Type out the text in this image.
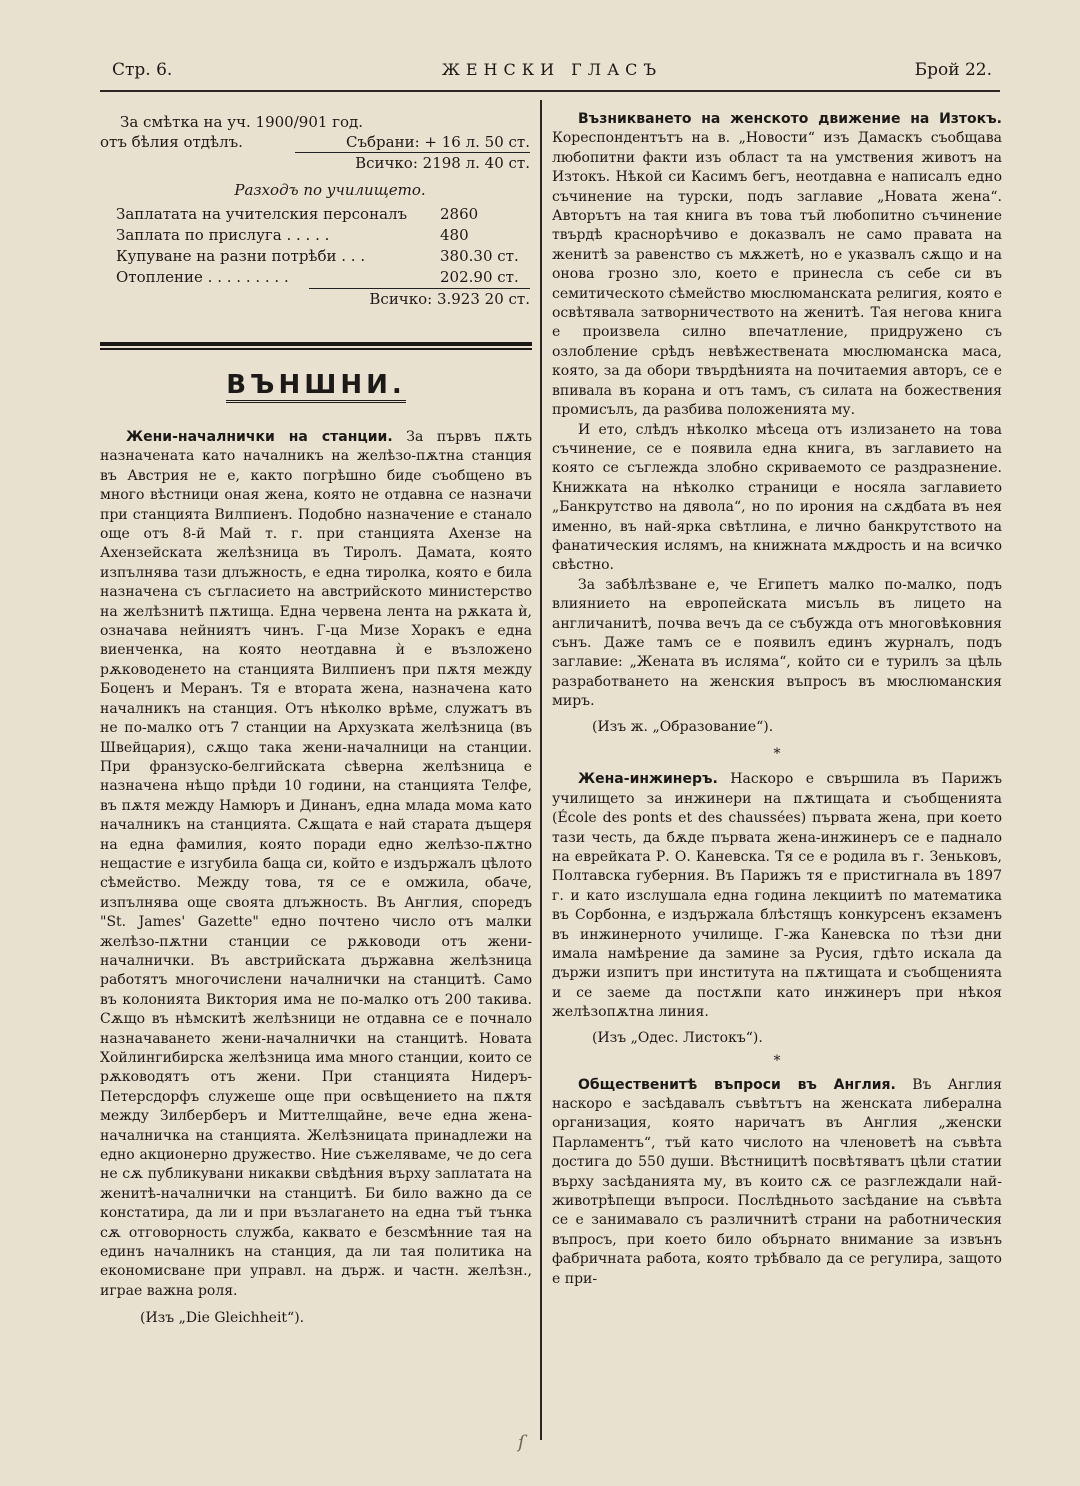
Стр. 6.	ЖЕНСКИ ГЛАСЪ	Брой 22.
За смѣтка на уч. 1900/901 год.
отъ бѣлия отдѣлъ.	Събрани: + 16 л. 50 ст.
Всичко: 2198 л. 40 ст.
Разходъ по училището.
Заплатата на учителския персоналъ 2860
Заплата по прислуга . . . . .	480
Купуване на разни потрѣби . . .	380.30 ст.
Отопление . . . . . . . . .	202.90 ст.
Всичко: 3.923 20 ст.
ВЪНШНИ.

Жени-началнички на станции. За първъ пѫть назначената като началникъ на желѣзо-пѫтна станция въ Австрия не е, както погрѣшно биде съобщено въ много вѣстници оная жена, която не отдавна се назначи при станцията Вилпиенъ. Подобно назначение е станало още отъ 8-й Май т. г. при станцията Ахензе на Ахензейската желѣзница въ Тиролъ. Дамата, която изпълнява тази длъжность, е една тиролка, която е била назначена съ съгласието на австрийското министерство на желѣзнитѣ пѫтища. Една червена лента на рѫката ѝ, означава нейниятъ чинъ. Г-ца Мизе Хоракъ е една виенченка, на която неотдавна ѝ е възложено рѫководенето на станцията Вилпиенъ при пѫтя между Боценъ и Меранъ. Тя е втората жена, назначена като началникъ на станция. Отъ нѣколко врѣме, служатъ въ не по-малко отъ 7 станции на Архузката желѣзница (въ Швейцария), сѫщо така жени-началници на станции. При франзуско-белгийската сѣверна желѣзница е назначена нѣщо прѣди 10 години, на станцията Телфе, въ пѫтя между Намюръ и Динанъ, една млада мома като началникъ на станцията. Сѫщата е най старата дъщеря на една фамилия, която поради едно желѣзо-пѫтно нещастие е изгубила баща си, който е издържалъ цѣлото сѣмейство. Между това, тя се е омжила, обаче, изпълнява още своята длъжность. Въ Англия, споредъ "St. James' Gazette" едно почтено число отъ малки желѣзо-пѫтни станции се рѫководи отъ жени-началнички. Въ австрийската държавна желѣзница работятъ многочислени началнички на станцитѣ. Само въ колонията Виктория има не по-малко отъ 200 такива. Сѫщо въ нѣмскитѣ желѣзници не отдавна се е почнало назначаването жени-началнички на станцитѣ. Новата Хойлингибирска желѣзница има много станции, които се рѫководятъ отъ жени. При станцията Нидеръ-Петерсдорфъ служеше още при освѣщението на пѫтя между Зилберберъ и Миттелщайне, вече една жена-началничка на станцията. Желѣзницата принадлежи на едно акционерно дружество. Ние съжеляваме, че до сега не сѫ публикувани никакви свѣдѣния върху заплатата на женитѣ-началнички на станцитѣ. Би било важно да се констатира, да ли и при възлагането на една тъй тънка сѫ отговорность служба, каквато е безсмѣнние тая на единъ началникъ на станция, да ли тая политика на економисване при управл. на държ. и частн. желѣзн., играе важна роля.

(Изъ „Die Gleichheit“).

Възникването на женското движение на Изтокъ. Кореспондентътъ на в. „Новости“ изъ Дамаскъ съобщава любопитни факти изъ област та на умствения животъ на Изтокъ. Нѣкой си Касимъ бегъ, неотдавна е написалъ едно съчинение на турски, подъ заглавие „Новата жена“. Авторътъ на тая книга въ това тъй любопитно съчинение твърдѣ краснорѣчиво е доказвалъ не само правата на женитѣ за равенство съ мѫжетѣ, но е указвалъ сѫщо и на онова грозно зло, което е принесла съ себе си въ семитическото сѣмейство мюслюманската религия, която е освѣтявала затворничеството на женитѣ. Тая негова книга е произвела силно впечатление, придружено съ озлобление срѣдъ невѣжествената мюслюманска маса, която, за да обори твърдѣнията на почитаемия авторъ, се е впивала въ корана и отъ тамъ, съ силата на божествения промисълъ, да разбива положенията му.

И ето, слѣдъ нѣколко мѣсеца отъ излизането на това съчинение, се е появила една книга, въ заглавието на която се съглежда злобно скриваемото се раздразнение. Книжката на нѣколко страници е носяла заглавието „Банкрутство на дявола“, но по ирония на сѫдбата въ нея именно, въ най-ярка свѣтлина, е лично банкрутството на фанатическия ислямъ, на книжната мѫдрость и на всичко свѣстно.

За забѣлѣзване е, че Египетъ малко по-малко, подъ влиянието на европейската мисъль въ лицето на англичанитѣ, почва вечъ да се събужда отъ многовѣковния сънъ. Даже тамъ се е появилъ единъ журналъ, подъ заглавие: „Жената въ исляма“, който си е турилъ за цѣль разработването на женския въпросъ въ мюслюманския миръ.

(Изъ ж. „Образование“).

*

Жена-инжинеръ. Наскоро е свършила въ Парижъ училището за инжинери на пѫтищата и съобщенията (École des ponts et des chaussées) първата жена, при което тази честь, да бѫде първата жена-инжинеръ се е паднало на еврейката Р. О. Каневска. Тя се е родила въ г. Зеньковъ, Полтавска губерния. Въ Парижъ тя е пристигнала въ 1897 г. и като изслушала една година лекциитѣ по математика въ Сорбонна, е издържала блѣстящъ конкурсенъ екзаменъ въ инжинерното училище. Г-жа Каневска по тѣзи дни имала намѣрение да замине за Русия, гдѣто искала да държи изпитъ при института на пѫтищата и съобщенията и се заеме да постѫпи като инжинеръ при нѣкоя желѣзопѫтна линия.

(Изъ „Одес. Листокъ“).

*

Общественитѣ въпроси въ Англия. Въ Англия наскоро е засѣдавалъ съвѣтътъ на женската либерална организация, която наричатъ въ Англия „женски Парламентъ“, тъй като числото на членоветѣ на съвѣта достига до 550 души. Вѣстницитѣ посвѣтяватъ цѣли статии върху засѣданията му, въ които сѫ се разглеждали най-животрѣпещи въпроси. Послѣдньото засѣдание на съвѣта се е занимавало съ различнитѣ страни на работническия въпросъ, при което било обърнато внимание за извънъ фабричната работа, която трѣбвало да се регулира, защото е при-

ſ
